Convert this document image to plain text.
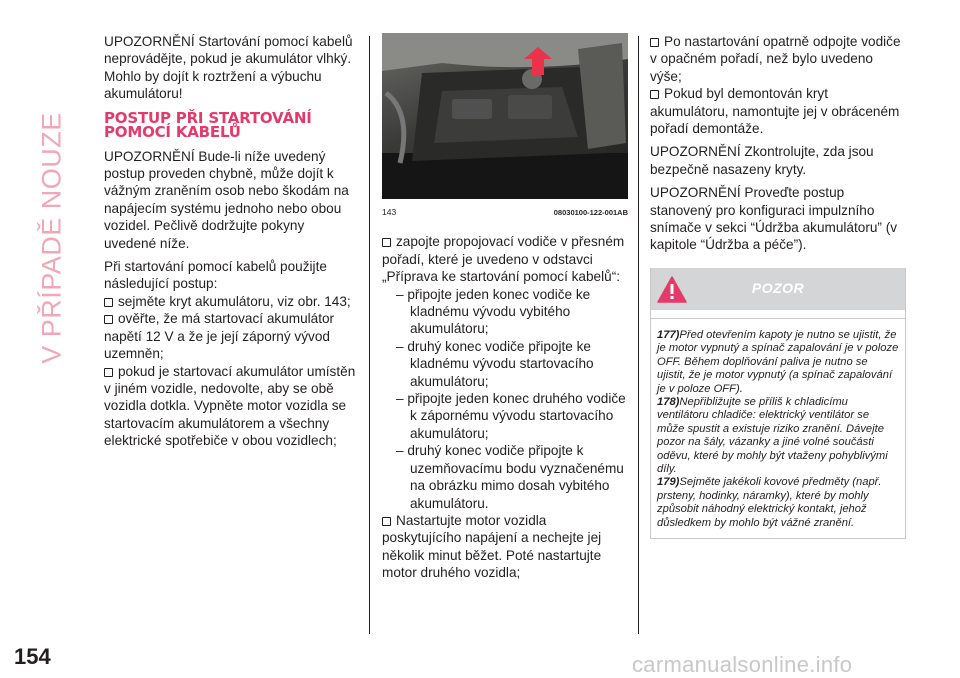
V PŘÍPADĚ NOUZE
154

UPOZORNĚNÍ Startování pomocí kabelů neprovádějte, pokud je akumulátor vlhký. Mohlo by dojít k roztržení a výbuchu akumulátoru!

POSTUP PŘI STARTOVÁNÍ POMOCÍ KABELŮ

UPOZORNĚNÍ Bude-li níže uvedený postup proveden chybně, může dojít k vážným zraněním osob nebo škodám na napájecím systému jednoho nebo obou vozidel. Pečlivě dodržujte pokyny uvedené níže.

Při startování pomocí kabelů použijte následující postup:

sejměte kryt akumulátoru, viz obr. 143;
ověřte, že má startovací akumulátor napětí 12 V a že je její záporný vývod uzemněn;
pokud je startovací akumulátor umístěn v jiném vozidle, nedovolte, aby se obě vozidla dotkla. Vypněte motor vozidla se startovacím akumulátorem a všechny elektrické spotřebiče v obou vozidlech;
143	08030100-122-001AB
zapojte propojovací vodiče v přesném pořadí, které je uvedeno v odstavci „Příprava ke startování pomocí kabelů“:
– připojte jeden konec vodiče ke kladnému vývodu vybitého akumulátoru;
– druhý konec vodiče připojte ke kladnému vývodu startovacího akumulátoru;
– připojte jeden konec druhého vodiče k zápornému vývodu startovacího akumulátoru;
– druhý konec vodiče připojte k uzemňovacímu bodu vyznačenému na obrázku mimo dosah vybitého akumulátoru.
Nastartujte motor vozidla poskytujícího napájení a nechejte jej několik minut běžet. Poté nastartujte motor druhého vozidla;
Po nastartování opatrně odpojte vodiče v opačném pořadí, než bylo uvedeno výše;
Pokud byl demontován kryt akumulátoru, namontujte jej v obráceném pořadí demontáže.

UPOZORNĚNÍ Zkontrolujte, zda jsou bezpečně nasazeny kryty.

UPOZORNĚNÍ Proveďte postup stanovený pro konfiguraci impulzního snímače v sekci “Údržba akumulátoru” (v kapitole “Údržba a péče”).

POZOR

177)Před otevřením kapoty je nutno se ujistit, že je motor vypnutý a spínač zapalování je v poloze OFF. Během doplňování paliva je nutno se ujistit, že je motor vypnutý (a spínač zapalování je v poloze OFF).

178)Nepřibližujte se příliš k chladicímu ventilátoru chladiče: elektrický ventilátor se může spustit a existuje riziko zranění. Dávejte pozor na šály, vázanky a jiné volné součásti oděvu, které by mohly být vtaženy pohyblivými díly.

179)Sejměte jakékoli kovové předměty (např. prsteny, hodinky, náramky), které by mohly způsobit náhodný elektrický kontakt, jehož důsledkem by mohlo být vážné zranění.

carmanualsonline.info
